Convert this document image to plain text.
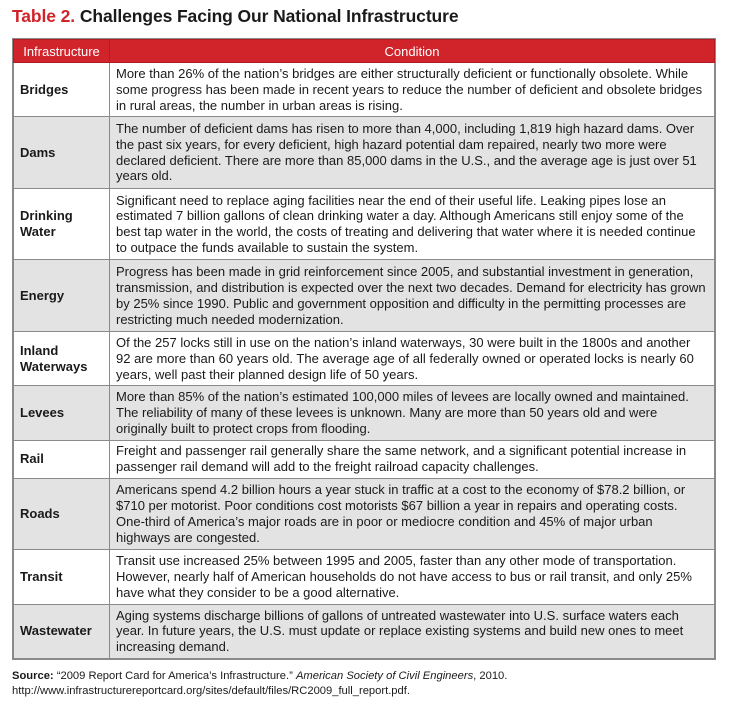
Table 2. Challenges Facing Our National Infrastructure
Infrastructure	Condition
Bridges	More than 26% of the nation’s bridges are either structurally deficient or functionally obsolete. While some progress has been made in recent years to reduce the number of deficient and obsolete bridges in rural areas, the number in urban areas is rising.
Dams	The number of deficient dams has risen to more than 4,000, including 1,819 high hazard dams. Over the past six years, for every deficient, high hazard potential dam repaired, nearly two more were declared deficient. There are more than 85,000 dams in the U.S., and the average age is just over 51 years old.
Drinking Water	Significant need to replace aging facilities near the end of their useful life. Leaking pipes lose an estimated 7 billion gallons of clean drinking water a day. Although Americans still enjoy some of the best tap water in the world, the costs of treating and delivering that water where it is needed continue to outpace the funds available to sustain the system.
Energy	Progress has been made in grid reinforcement since 2005, and substantial investment in generation, transmission, and distribution is expected over the next two decades. Demand for electricity has grown by 25% since 1990. Public and government opposition and difficulty in the permitting processes are restricting much needed modernization.
Inland Waterways	Of the 257 locks still in use on the nation’s inland waterways, 30 were built in the 1800s and another 92 are more than 60 years old. The average age of all federally owned or operated locks is nearly 60 years, well past their planned design life of 50 years.
Levees	More than 85% of the nation’s estimated 100,000 miles of levees are locally owned and maintained. The reliability of many of these levees is unknown. Many are more than 50 years old and were originally built to protect crops from flooding.
Rail	Freight and passenger rail generally share the same network, and a significant potential increase in passenger rail demand will add to the freight railroad capacity challenges.
Roads	Americans spend 4.2 billion hours a year stuck in traffic at a cost to the economy of $78.2 billion, or $710 per motorist. Poor conditions cost motorists $67 billion a year in repairs and operating costs. One-third of America’s major roads are in poor or mediocre condition and 45% of major urban highways are congested.
Transit	Transit use increased 25% between 1995 and 2005, faster than any other mode of transportation. However, nearly half of American households do not have access to bus or rail transit, and only 25% have what they consider to be a good alternative.
Wastewater	Aging systems discharge billions of gallons of untreated wastewater into U.S. surface waters each year. In future years, the U.S. must update or replace existing systems and build new ones to meet increasing demand.
Source: “2009 Report Card for America’s Infrastructure.” American Society of Civil Engineers, 2010. http://www.infrastructurereportcard.org/sites/default/files/RC2009_full_report.pdf.
